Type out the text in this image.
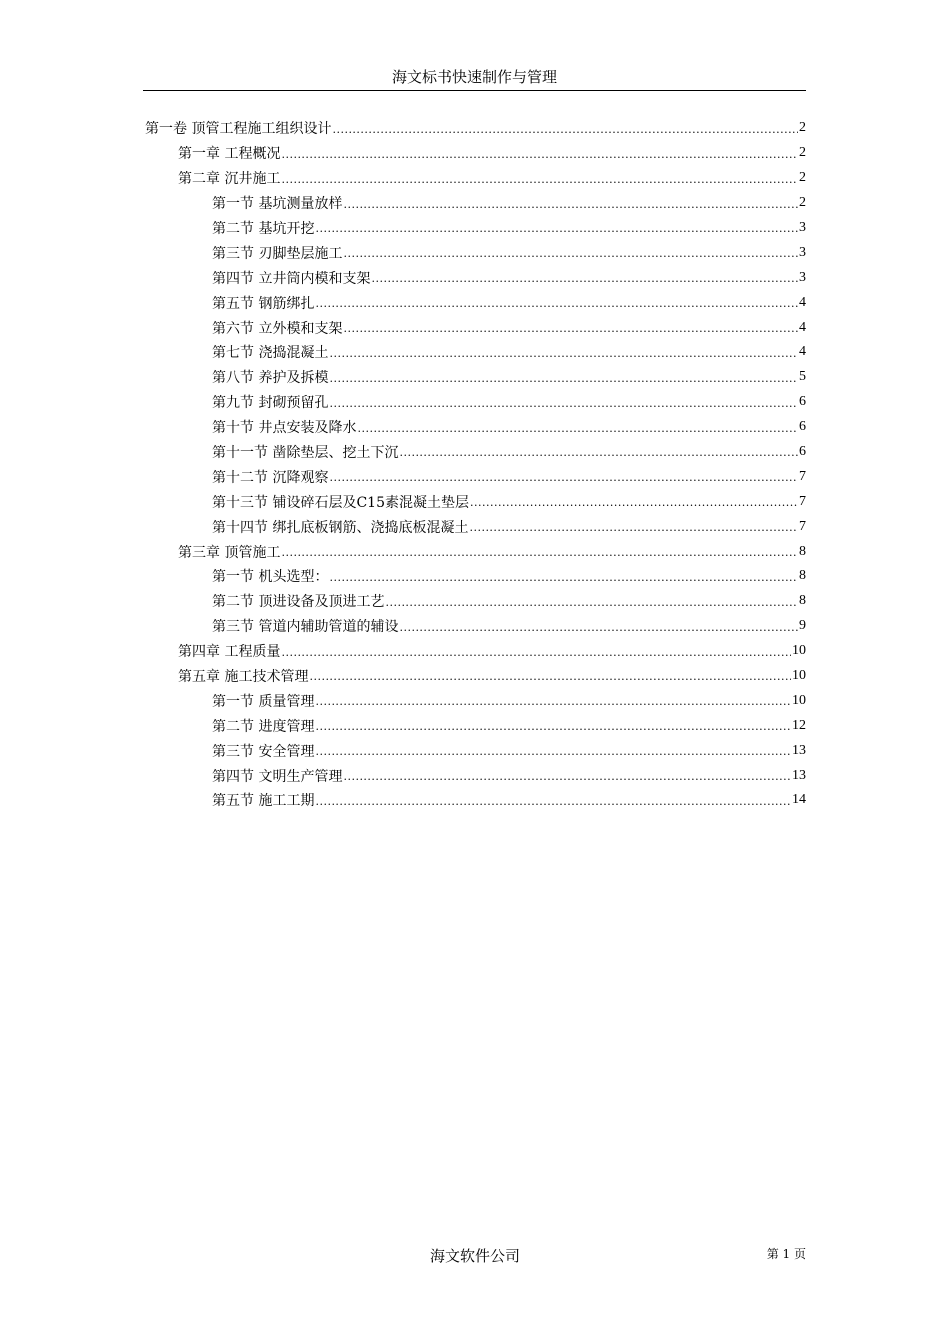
海文标书快速制作与管理
第一卷 顶管工程施工组织设计 .....	2
第一章 工程概况 .....	2
第二章 沉井施工 .....	2
第一节 基坑测量放样 .....	2
第二节 基坑开挖 .....	3
第三节 刃脚垫层施工 .....	3
第四节 立井筒内模和支架 .....	3
第五节 钢筋绑扎 .....	4
第六节 立外模和支架 .....	4
第七节 浇捣混凝土 .....	4
第八节 养护及拆模 .....	5
第九节 封砌预留孔 .....	6
第十节 井点安装及降水 .....	6
第十一节 凿除垫层、挖土下沉 .....	6
第十二节 沉降观察 .....	7
第十三节 铺设碎石层及C15素混凝土垫层 .....	7
第十四节 绑扎底板钢筋、浇捣底板混凝土 .....	7
第三章 顶管施工 .....	8
第一节 机头选型： .....	8
第二节 顶进设备及顶进工艺 .....	8
第三节 管道内辅助管道的辅设 .....	9
第四章 工程质量 .....	10
第五章 施工技术管理 .....	10
第一节 质量管理 .....	10
第二节 进度管理 .....	12
第三节 安全管理 .....	13
第四节 文明生产管理 .....	13
第五节 施工工期 .....	14
海文软件公司	第 1 页
